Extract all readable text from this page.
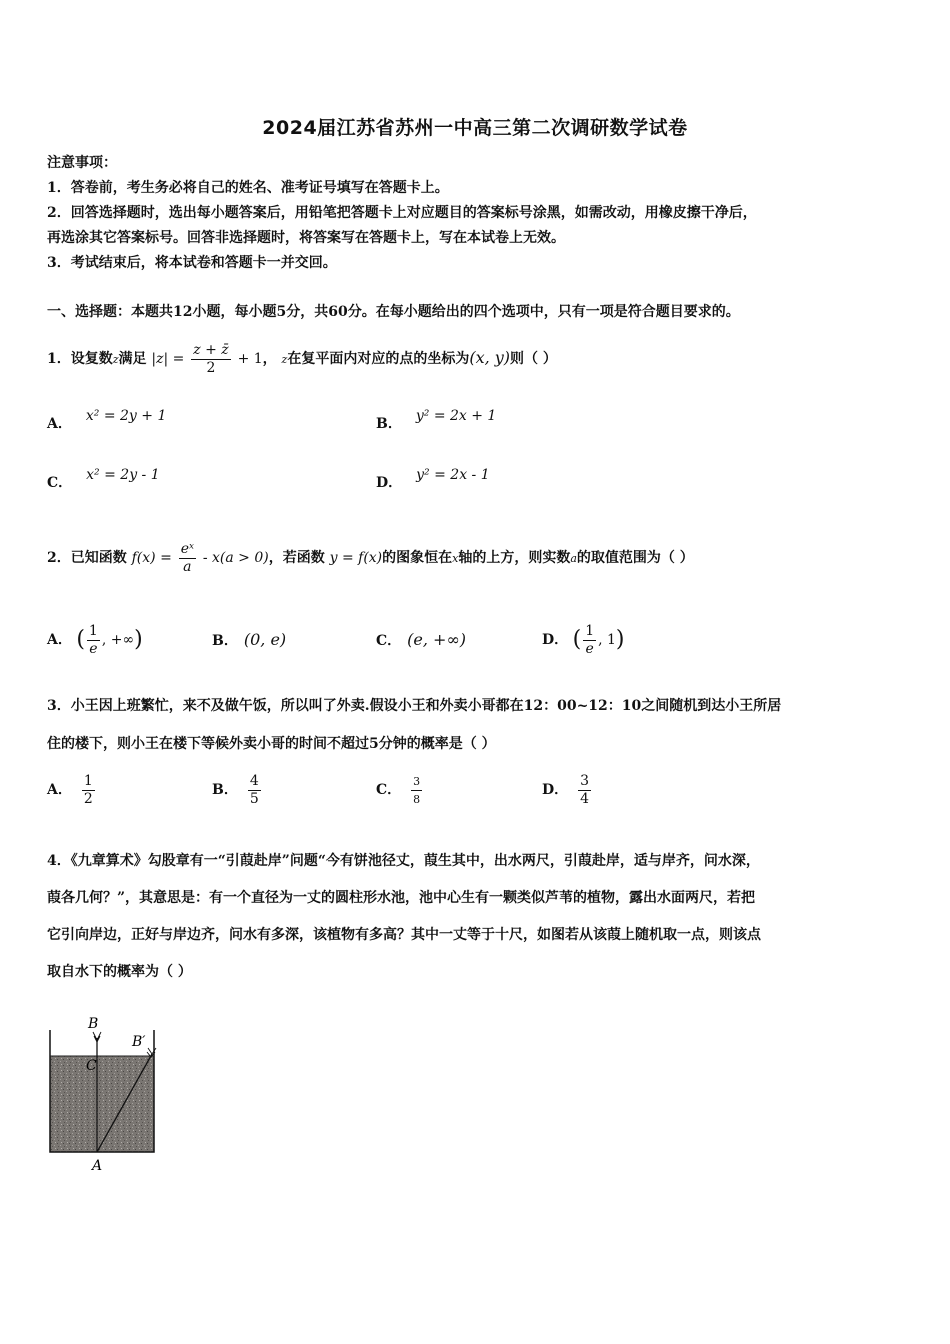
2024届江苏省苏州一中高三第二次调研数学试卷
注意事项：
1．答卷前，考生务必将自己的姓名、准考证号填写在答题卡上。
2．回答选择题时，选出每小题答案后，用铅笔把答题卡上对应题目的答案标号涂黑，如需改动，用橡皮擦干净后，
再选涂其它答案标号。回答非选择题时，将答案写在答题卡上，写在本试卷上无效。
3．考试结束后，将本试卷和答题卡一并交回。
一、选择题：本题共12小题，每小题5分，共60分。在每小题给出的四个选项中，只有一项是符合题目要求的。
1．设复数z满足 $|z| = \frac{z + z̄}{2} + 1$， z在复平面内对应的点的坐标为(x, y)则（ ）
A． x² = 2y + 1	B． y² = 2x + 1
C． x² = 2y - 1	D． y² = 2x - 1
2．已知函数 $f(x) = \frac{\text{eˣ}}{a} - x(a > 0)$，若函数 y = f(x)的图象恒在x轴的上方，则实数a的取值范围为（ ）
A． ( $\frac{1}{e}$ , +∞)	B． (0, e)	C． (e, +∞)	D． ( $\frac{1}{e}$ , 1)
3．小王因上班繁忙，来不及做午饭，所以叫了外卖.假设小王和外卖小哥都在12：00~12：10之间随机到达小王所居
住的楼下，则小王在楼下等候外卖小哥的时间不超过5分钟的概率是（ ）
A． $\frac{1}{2}$	B． $\frac{4}{5}$	C． $\frac{3}{8}$	D． $\frac{3}{4}$
4．《九章算术》勾股章有一“引葭赴岸”问题“今有饼池径丈，葭生其中，出水两尺，引葭赴岸，适与岸齐，问水深，
葭各几何？”，其意思是：有一个直径为一丈的圆柱形水池，池中心生有一颗类似芦苇的植物，露出水面两尺，若把
它引向岸边，正好与岸边齐，问水有多深，该植物有多高？其中一丈等于十尺，如图若从该葭上随机取一点，则该点
取自水下的概率为（ ）
B
B′
C
A
